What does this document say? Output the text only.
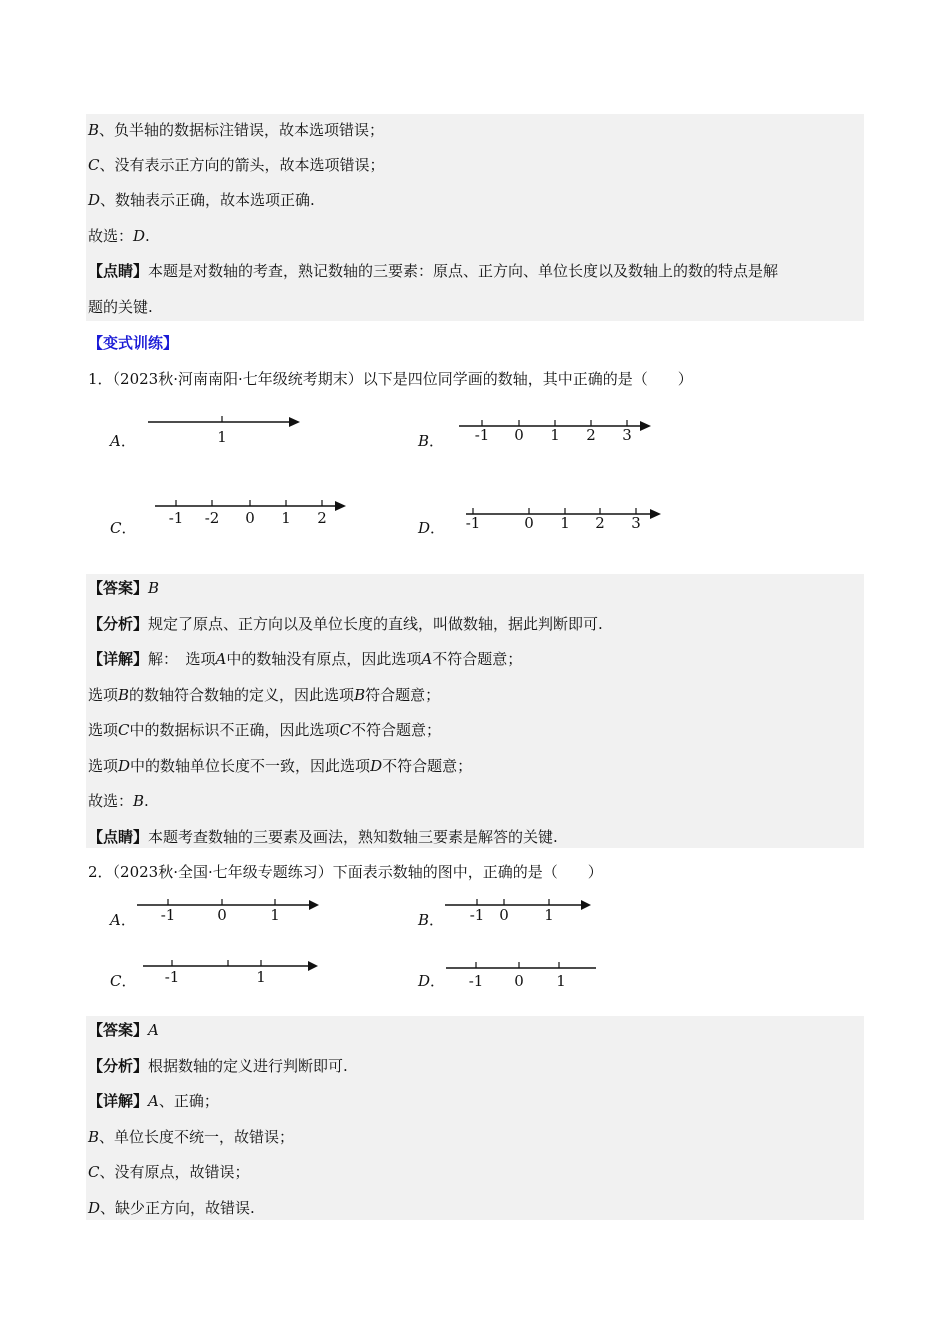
B、负半轴的数据标注错误，故本选项错误；
C、没有表示正方向的箭头，故本选项错误；
D、数轴表示正确，故本选项正确.
故选：D.
【点睛】本题是对数轴的考查，熟记数轴的三要素：原点、正方向、单位长度以及数轴上的数的特点是解
题的关键.
【变式训练】
1．（2023秋·河南南阳·七年级统考期末）以下是四位同学画的数轴，其中正确的是（　　）
A．	1	B． -1 0 1 2 3
C．
-1 -2 0 1 2
D． -1	0 1 2 3
【答案】B
【分析】规定了原点、正方向以及单位长度的直线，叫做数轴，据此判断即可.
【详解】解：　选项A中的数轴没有原点，因此选项A不符合题意；
选项B的数轴符合数轴的定义，因此选项B符合题意；
选项C中的数据标识不正确，因此选项C不符合题意；
选项D中的数轴单位长度不一致，因此选项D不符合题意；
故选：B.
【点睛】本题考查数轴的三要素及画法，熟知数轴三要素是解答的关键.
2．（2023秋·全国·七年级专题练习）下面表示数轴的图中，正确的是（　　）
A． -1	0	1	B． -1 0 1
C． -1	1	D． -1 0 1
【答案】A
【分析】根据数轴的定义进行判断即可.
【详解】A、正确；
B、单位长度不统一，故错误；
C、没有原点，故错误；
D、缺少正方向，故错误.
